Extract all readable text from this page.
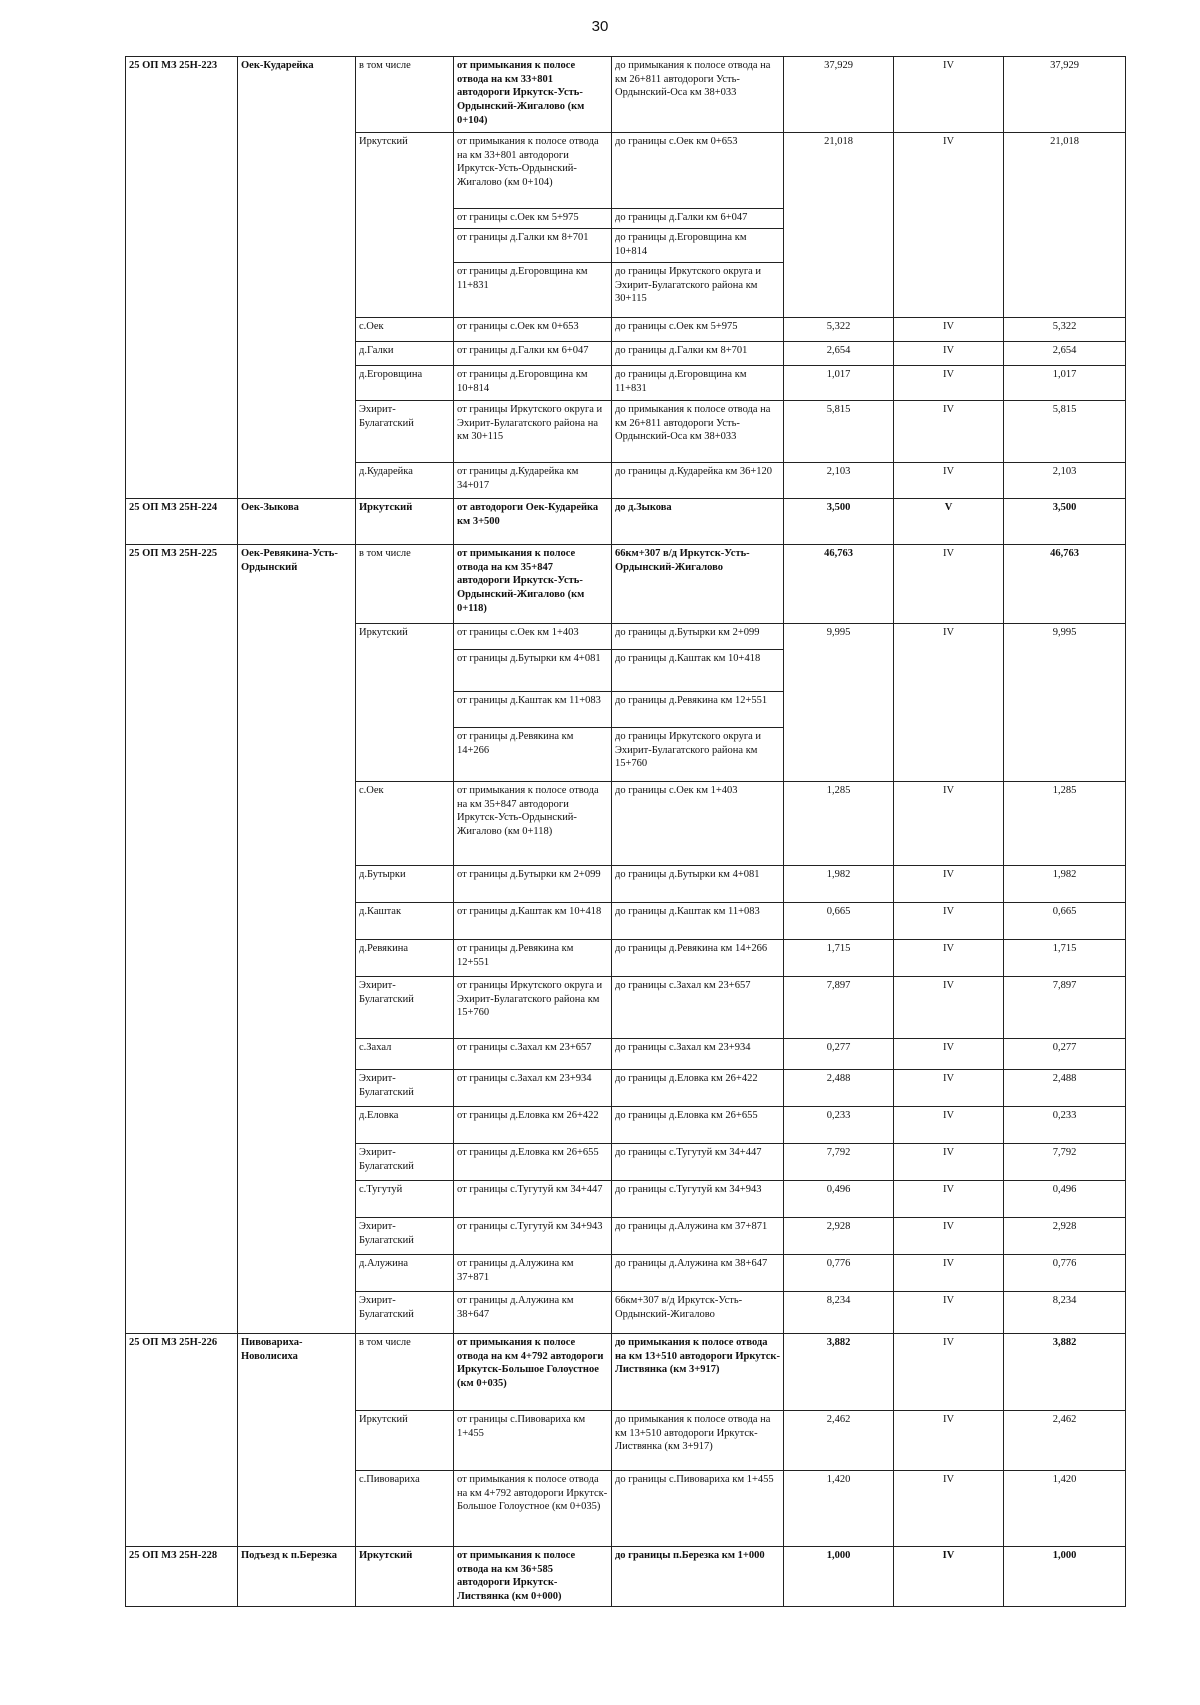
30
25 ОП МЗ 25Н-223	Оек-Кударейка	в том числе	от примыкания к полосе отвода на км 33+801 автодороги Иркутск-Усть-Ордынский-Жигалово (км 0+104)	до примыкания к полосе отвода на км 26+811 автодороги Усть-Ордынский-Оса км 38+033	37,929	IV	37,929
		Иркутский	от примыкания к полосе отвода на км 33+801 автодороги Иркутск-Усть-Ордынский-Жигалово (км 0+104)	до границы с.Оек км 0+653	21,018	IV	21,018
			от границы с.Оек км 5+975	до границы д.Галки км 6+047			
			от границы д.Галки км 8+701	до границы д.Егоровщина км 10+814			
			от границы д.Егоровщина км 11+831	до границы Иркутского округа и Эхирит-Булагатского района км 30+115			
		с.Оек	от границы с.Оек км 0+653	до границы с.Оек км 5+975	5,322	IV	5,322
		д.Галки	от границы д.Галки км 6+047	до границы д.Галки км 8+701	2,654	IV	2,654
		д.Егоровщина	от границы д.Егоровщина км 10+814	до границы д.Егоровщина км 11+831	1,017	IV	1,017
		Эхирит-Булагатский	от границы Иркутского округа и Эхирит-Булагатского района на км 30+115	до примыкания к полосе отвода на км 26+811 автодороги Усть-Ордынский-Оса км 38+033	5,815	IV	5,815
		д.Кударейка	от границы д.Кударейка км 34+017	до границы д.Кударейка км 36+120	2,103	IV	2,103
25 ОП МЗ 25Н-224	Оек-Зыкова	Иркутский	от автодороги Оек-Кударейка км 3+500	до д.Зыкова	3,500	V	3,500
25 ОП МЗ 25Н-225	Оек-Ревякина-Усть-Ордынский	в том числе	от примыкания к полосе отвода на км 35+847 автодороги Иркутск-Усть-Ордынский-Жигалово (км 0+118)	66км+307 в/д Иркутск-Усть-Ордынский-Жигалово	46,763	IV	46,763
		Иркутский	от границы с.Оек км 1+403	до границы д.Бутырки км 2+099	9,995	IV	9,995
			от границы д.Бутырки км 4+081	до границы д.Каштак км 10+418			
			от границы д.Каштак км 11+083	до границы д.Ревякина км 12+551			
			от границы д.Ревякина км 14+266	до границы Иркутского округа и Эхирит-Булагатского района км 15+760			
		с.Оек	от примыкания к полосе отвода на км 35+847 автодороги Иркутск-Усть-Ордынский-Жигалово (км 0+118)	до границы с.Оек км 1+403	1,285	IV	1,285
		д.Бутырки	от границы д.Бутырки км 2+099	до границы д.Бутырки км 4+081	1,982	IV	1,982
		д.Каштак	от границы д.Каштак км 10+418	до границы д.Каштак км 11+083	0,665	IV	0,665
		д.Ревякина	от границы д.Ревякина км 12+551	до границы д.Ревякина км 14+266	1,715	IV	1,715
		Эхирит-Булагатский	от границы Иркутского округа и Эхирит-Булагатского района км 15+760	до границы с.Захал км 23+657	7,897	IV	7,897
		с.Захал	от границы с.Захал км 23+657	до границы с.Захал км 23+934	0,277	IV	0,277
		Эхирит-Булагатский	от границы с.Захал км 23+934	до границы д.Еловка км 26+422	2,488	IV	2,488
		д.Еловка	от границы д.Еловка км 26+422	до границы д.Еловка км 26+655	0,233	IV	0,233
		Эхирит-Булагатский	от границы д.Еловка км 26+655	до границы с.Тугутуй км 34+447	7,792	IV	7,792
		с.Тугутуй	от границы с.Тугутуй км 34+447	до границы с.Тугутуй км 34+943	0,496	IV	0,496
		Эхирит-Булагатский	от границы с.Тугутуй км 34+943	до границы д.Алужина км 37+871	2,928	IV	2,928
		д.Алужина	от границы д.Алужина км 37+871	до границы д.Алужина км 38+647	0,776	IV	0,776
		Эхирит-Булагатский	от границы д.Алужина км 38+647	66км+307 в/д Иркутск-Усть-Ордынский-Жигалово	8,234	IV	8,234
25 ОП МЗ 25Н-226	Пивовариха-Новолисиха	в том числе	от примыкания к полосе отвода на км 4+792 автодороги Иркутск-Большое Голоустное (км 0+035)	до примыкания к полосе отвода на км 13+510 автодороги Иркутск-Листвянка (км 3+917)	3,882	IV	3,882
		Иркутский	от границы с.Пивовариха км 1+455	до примыкания к полосе отвода на км 13+510 автодороги Иркутск-Листвянка (км 3+917)	2,462	IV	2,462
		с.Пивовариха	от примыкания к полосе отвода на км 4+792 автодороги Иркутск-Большое Голоустное (км 0+035)	до границы с.Пивовариха км 1+455	1,420	IV	1,420
25 ОП МЗ 25Н-228	Подъезд к п.Березка	Иркутский	от примыкания к полосе отвода на км 36+585 автодороги Иркутск-Листвянка (км 0+000)	до границы п.Березка км 1+000	1,000	IV	1,000
